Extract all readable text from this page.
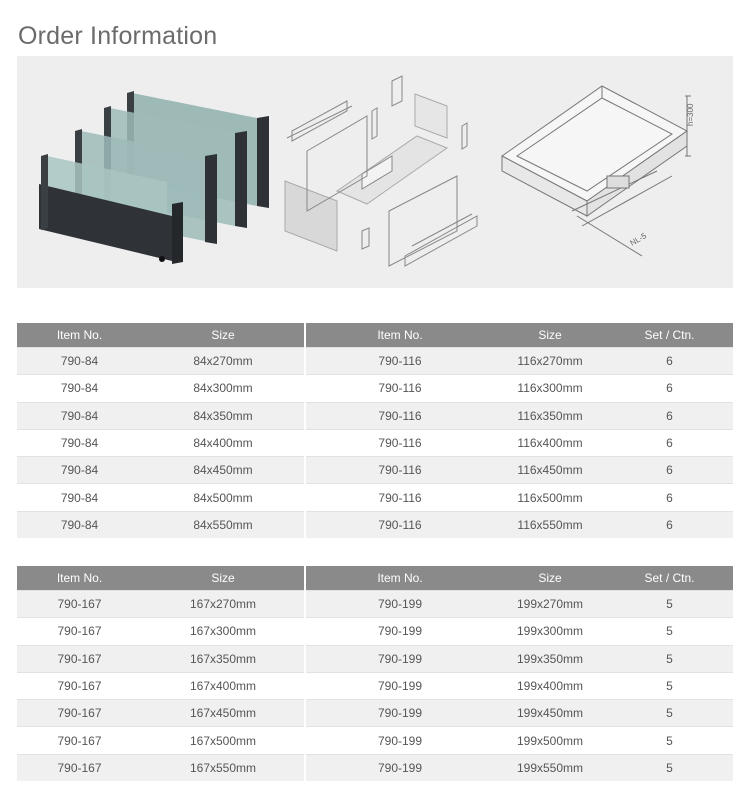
Order Information
h=300
NL-5
Item No.	Size	Item No.	Size	Set / Ctn.
790-84	84x270mm	790-116	116x270mm	6
790-84	84x300mm	790-116	116x300mm	6
790-84	84x350mm	790-116	116x350mm	6
790-84	84x400mm	790-116	116x400mm	6
790-84	84x450mm	790-116	116x450mm	6
790-84	84x500mm	790-116	116x500mm	6
790-84	84x550mm	790-116	116x550mm	6
Item No.	Size	Item No.	Size	Set / Ctn.
790-167	167x270mm	790-199	199x270mm	5
790-167	167x300mm	790-199	199x300mm	5
790-167	167x350mm	790-199	199x350mm	5
790-167	167x400mm	790-199	199x400mm	5
790-167	167x450mm	790-199	199x450mm	5
790-167	167x500mm	790-199	199x500mm	5
790-167	167x550mm	790-199	199x550mm	5
